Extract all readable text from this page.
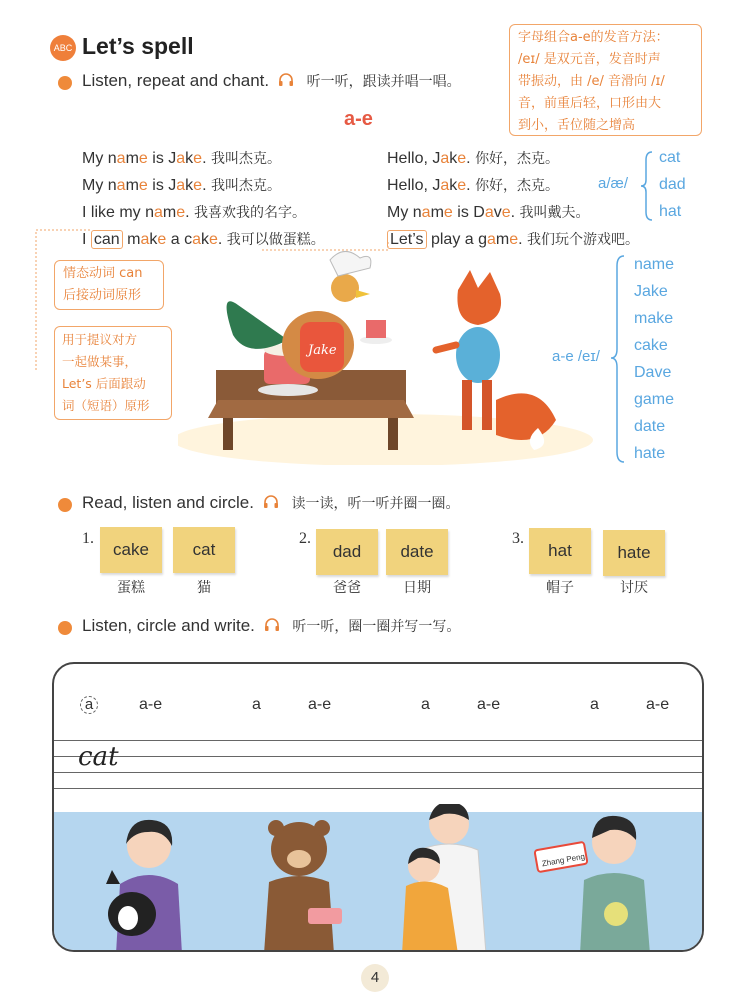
ABC Let’s spell
Listen, repeat and chant.	听一听，跟读并唱一唱。
字母组合a-e的发音方法：
/eɪ/ 是双元音，发音时声
带振动，由 /e/ 音滑向 /ɪ/
音，前重后轻，口形由大
到小，舌位随之增高
a-e
My name is Jake. 我叫杰克。
My name is Jake. 我叫杰克。
I like my name. 我喜欢我的名字。
I can make a cake. 我可以做蛋糕。
Hello, Jake. 你好，杰克。
Hello, Jake. 你好，杰克。
My name is Dave. 我叫戴夫。
Let’s play a game. 我们玩个游戏吧。
a/æ/
cat
dad
hat
情态动词 can
后接动词原形
用于提议对方
一起做某事，
Let’s 后面跟动
词（短语）原形
Jake	a-e /eɪ/
name
Jake
make
cake
Dave
game
date
hate
Read, listen and circle.	读一读，听一听并圈一圈。
1.
cake	cat
蛋糕	猫
2.
dad	date
爸爸	日期
3.
hat	hate
帽子	讨厌
Listen, circle and write.	听一听，圈一圈并写一写。
a	a-e	a	a-e	a	a-e	a	a-e
cat
Zhang Peng
4
